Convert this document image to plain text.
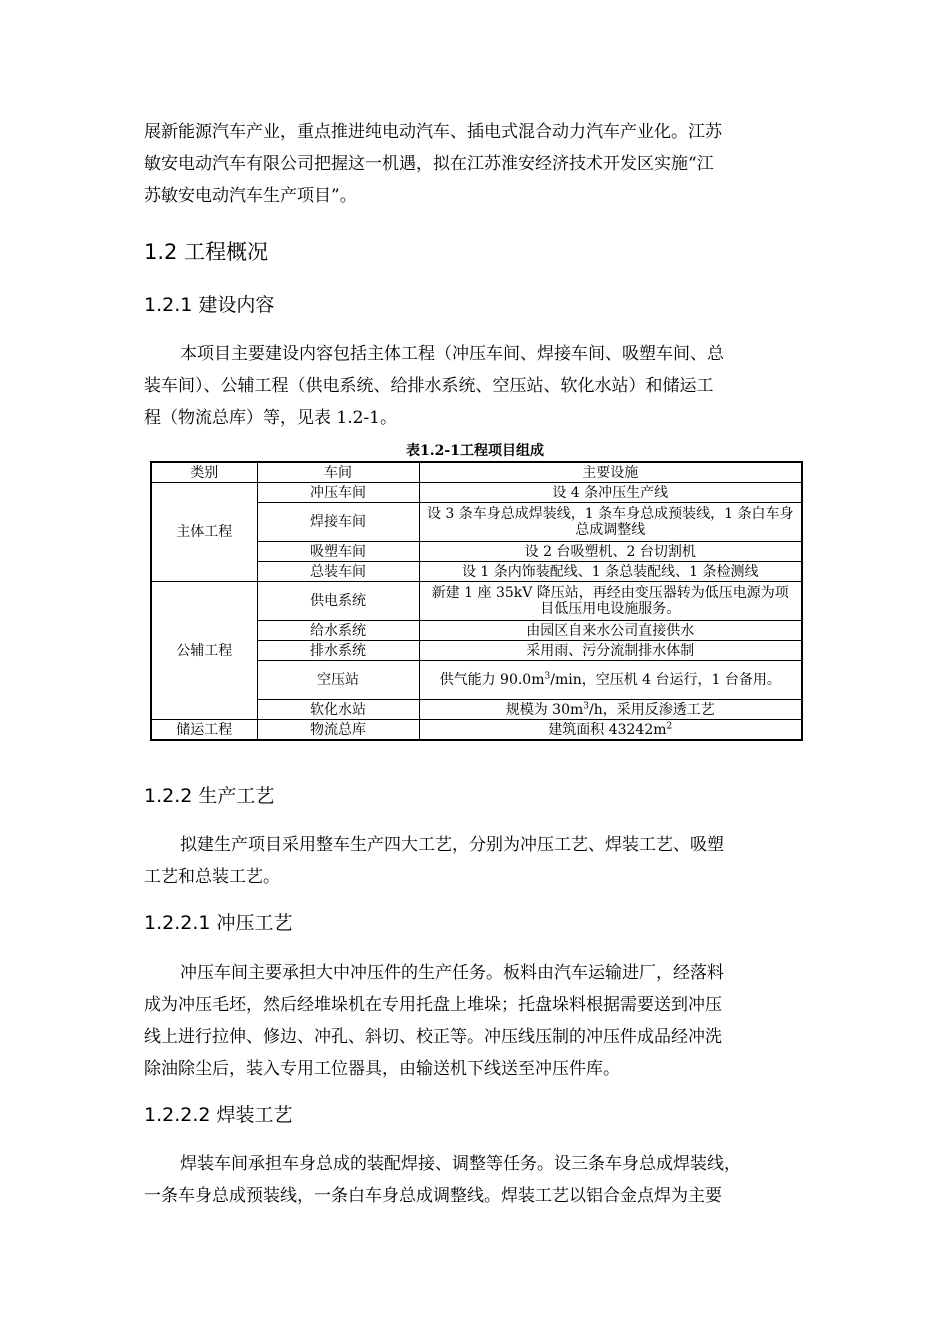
展新能源汽车产业，重点推进纯电动汽车、插电式混合动力汽车产业化。江苏
敏安电动汽车有限公司把握这一机遇，拟在江苏淮安经济技术开发区实施“江
苏敏安电动汽车生产项目”。

1.2 工程概况
1.2.1 建设内容

本项目主要建设内容包括主体工程（冲压车间、焊接车间、吸塑车间、总
装车间）、公辅工程（供电系统、给排水系统、空压站、软化水站）和储运工
程（物流总库）等，见表 1.2-1。

表1.2-1工程项目组成

类别	车间	主要设施
主体工程	冲压车间	设 4 条冲压生产线
	焊接车间	设 3 条车身总成焊装线，1 条车身总成预装线，1 条白车身总成调整线
	吸塑车间	设 2 台吸塑机、2 台切割机
	总装车间	设 1 条内饰装配线、1 条总装配线、1 条检测线
公辅工程	供电系统	新建 1 座 35kV 降压站，再经由变压器转为低压电源为项目低压用电设施服务。
	给水系统	由园区自来水公司直接供水
	排水系统	采用雨、污分流制排水体制
	空压站	供气能力 $90.0m^3/\min$，空压机 4 台运行，1 台备用。
	软化水站	规模为 $30m^3/h$，采用反渗透工艺
储运工程	物流总库	建筑面积 $43242m^2$
1.2.2 生产工艺

拟建生产项目采用整车生产四大工艺，分别为冲压工艺、焊装工艺、吸塑
工艺和总装工艺。

1.2.2.1 冲压工艺

冲压车间主要承担大中冲压件的生产任务。板料由汽车运输进厂，经落料
成为冲压毛坯，然后经堆垛机在专用托盘上堆垛；托盘垛料根据需要送到冲压
线上进行拉伸、修边、冲孔、斜切、校正等。冲压线压制的冲压件成品经冲洗
除油除尘后，装入专用工位器具，由输送机下线送至冲压件库。

1.2.2.2 焊装工艺

焊装车间承担车身总成的装配焊接、调整等任务。设三条车身总成焊装线，
一条车身总成预装线，一条白车身总成调整线。焊装工艺以铝合金点焊为主要
